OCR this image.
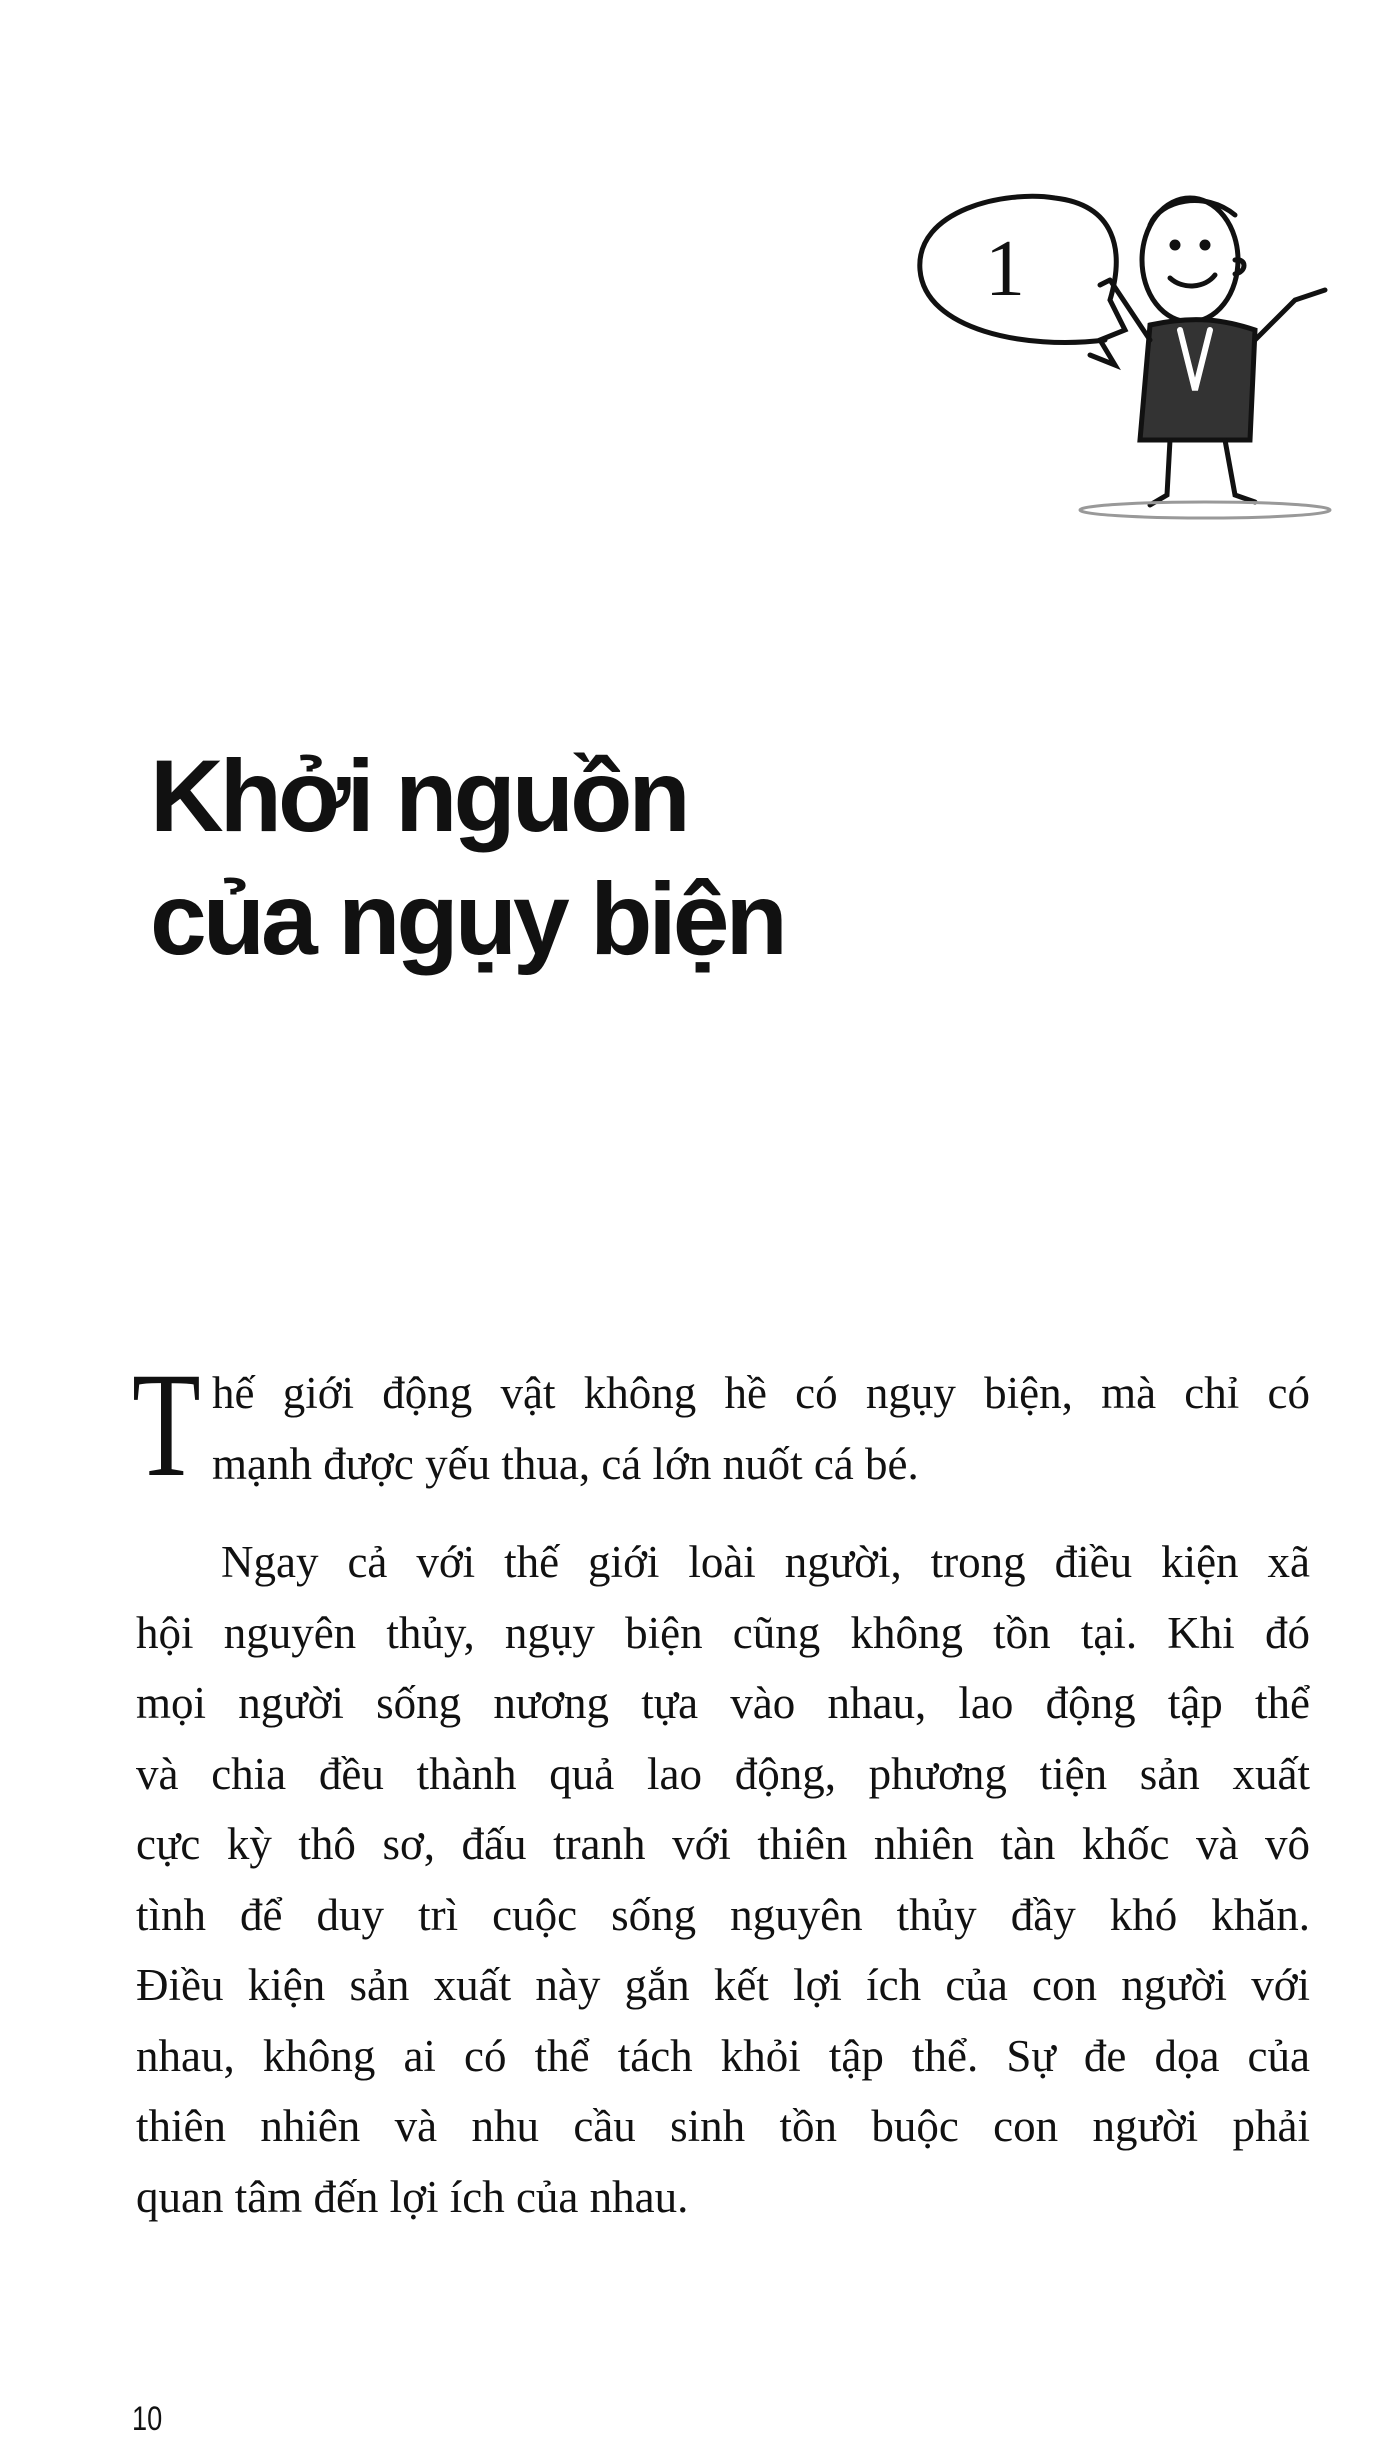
1
Khởi nguồn
của ngụy biện
T hế giới động vật không hề có ngụy biện, mà chỉ có
mạnh được yếu thua, cá lớn nuốt cá bé.
Ngay cả với thế giới loài người, trong điều kiện xã
hội nguyên thủy, ngụy biện cũng không tồn tại. Khi đó
mọi người sống nương tựa vào nhau, lao động tập thể
và chia đều thành quả lao động, phương tiện sản xuất
cực kỳ thô sơ, đấu tranh với thiên nhiên tàn khốc và vô
tình để duy trì cuộc sống nguyên thủy đầy khó khăn.
Điều kiện sản xuất này gắn kết lợi ích của con người với
nhau, không ai có thể tách khỏi tập thể. Sự đe dọa của
thiên nhiên và nhu cầu sinh tồn buộc con người phải
quan tâm đến lợi ích của nhau.
10
